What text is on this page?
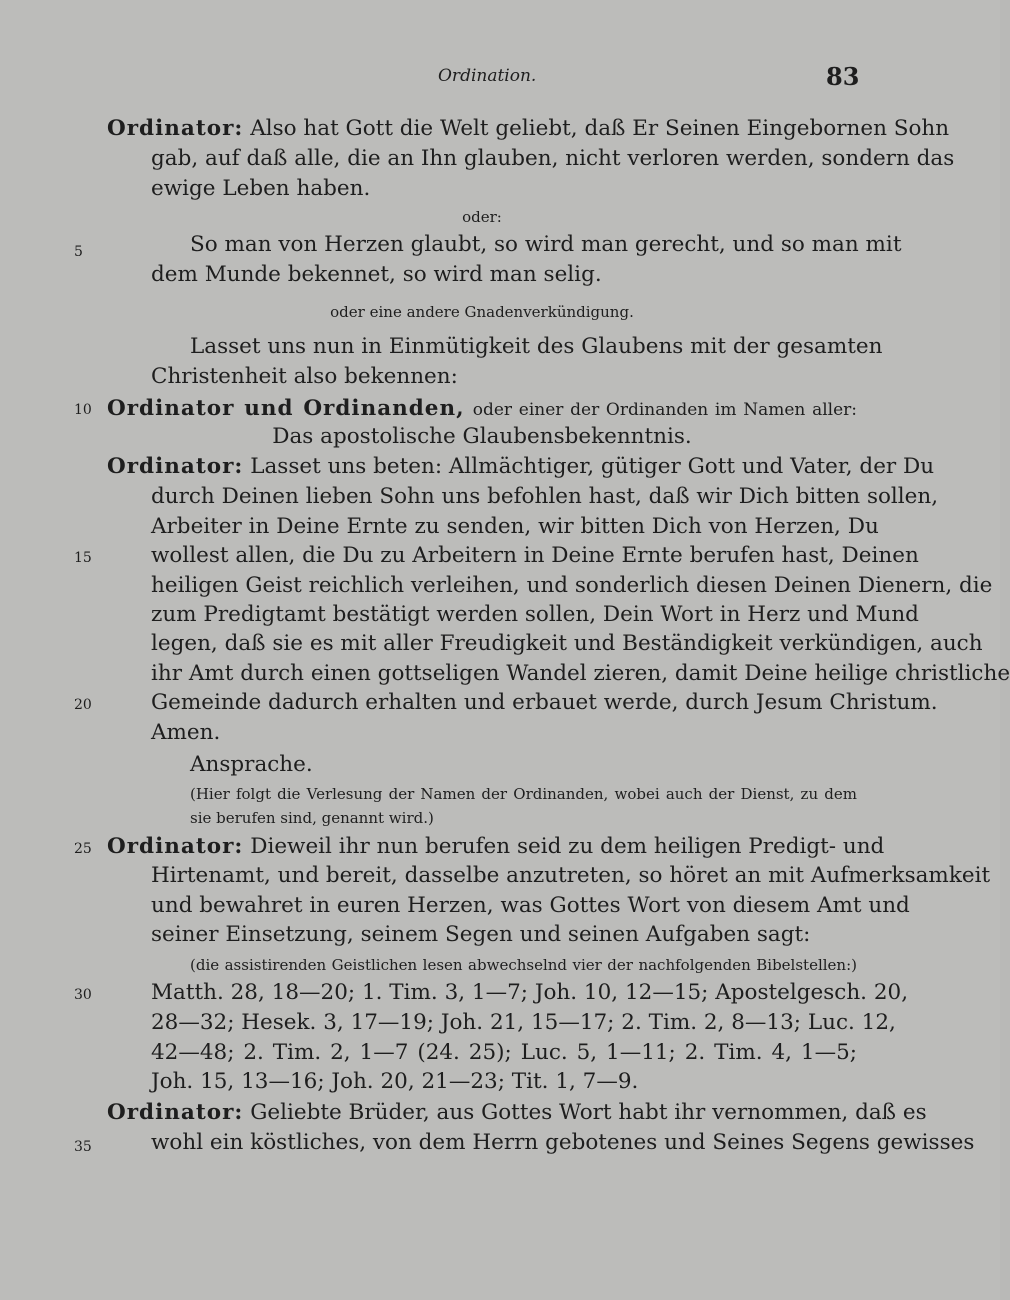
Ordination.	83
5
10
15
20
25
30
35
Ordinator: Also hat Gott die Welt geliebt, daß Er Seinen Eingebornen Sohn
gab, auf daß alle, die an Ihn glauben, nicht verloren werden, sondern das
ewige Leben haben.
oder:
So man von Herzen glaubt, so wird man gerecht, und so man mit
dem Munde bekennet, so wird man selig.
oder eine andere Gnadenverkündigung.
Lasset uns nun in Einmütigkeit des Glaubens mit der gesamten
Christenheit also bekennen:
Ordinator und Ordinanden, oder einer der Ordinanden im Namen aller:
Das apostolische Glaubensbekenntnis.
Ordinator: Lasset uns beten: Allmächtiger, gütiger Gott und Vater, der Du
durch Deinen lieben Sohn uns befohlen hast, daß wir Dich bitten sollen,
Arbeiter in Deine Ernte zu senden, wir bitten Dich von Herzen, Du
wollest allen, die Du zu Arbeitern in Deine Ernte berufen hast, Deinen
heiligen Geist reichlich verleihen, und sonderlich diesen Deinen Dienern, die
zum Predigtamt bestätigt werden sollen, Dein Wort in Herz und Mund
legen, daß sie es mit aller Freudigkeit und Beständigkeit verkündigen, auch
ihr Amt durch einen gottseligen Wandel zieren, damit Deine heilige christliche
Gemeinde dadurch erhalten und erbauet werde, durch Jesum Christum.
Amen.
Ansprache.
(Hier folgt die Verlesung der Namen der Ordinanden, wobei auch der Dienst, zu dem
sie berufen sind, genannt wird.)
Ordinator: Dieweil ihr nun berufen seid zu dem heiligen Predigt- und
Hirtenamt, und bereit, dasselbe anzutreten, so höret an mit Aufmerksamkeit
und bewahret in euren Herzen, was Gottes Wort von diesem Amt und
seiner Einsetzung, seinem Segen und seinen Aufgaben sagt:
(die assistirenden Geistlichen lesen abwechselnd vier der nachfolgenden Bibelstellen:)
Matth. 28, 18—20; 1. Tim. 3, 1—7; Joh. 10, 12—15; Apostelgesch. 20,
28—32; Hesek. 3, 17—19; Joh. 21, 15—17; 2. Tim. 2, 8—13; Luc. 12,
42—48; 2. Tim. 2, 1—7 (24. 25); Luc. 5, 1—11; 2. Tim. 4, 1—5;
Joh. 15, 13—16; Joh. 20, 21—23; Tit. 1, 7—9.
Ordinator: Geliebte Brüder, aus Gottes Wort habt ihr vernommen, daß es
wohl ein köstliches, von dem Herrn gebotenes und Seines Segens gewisses
